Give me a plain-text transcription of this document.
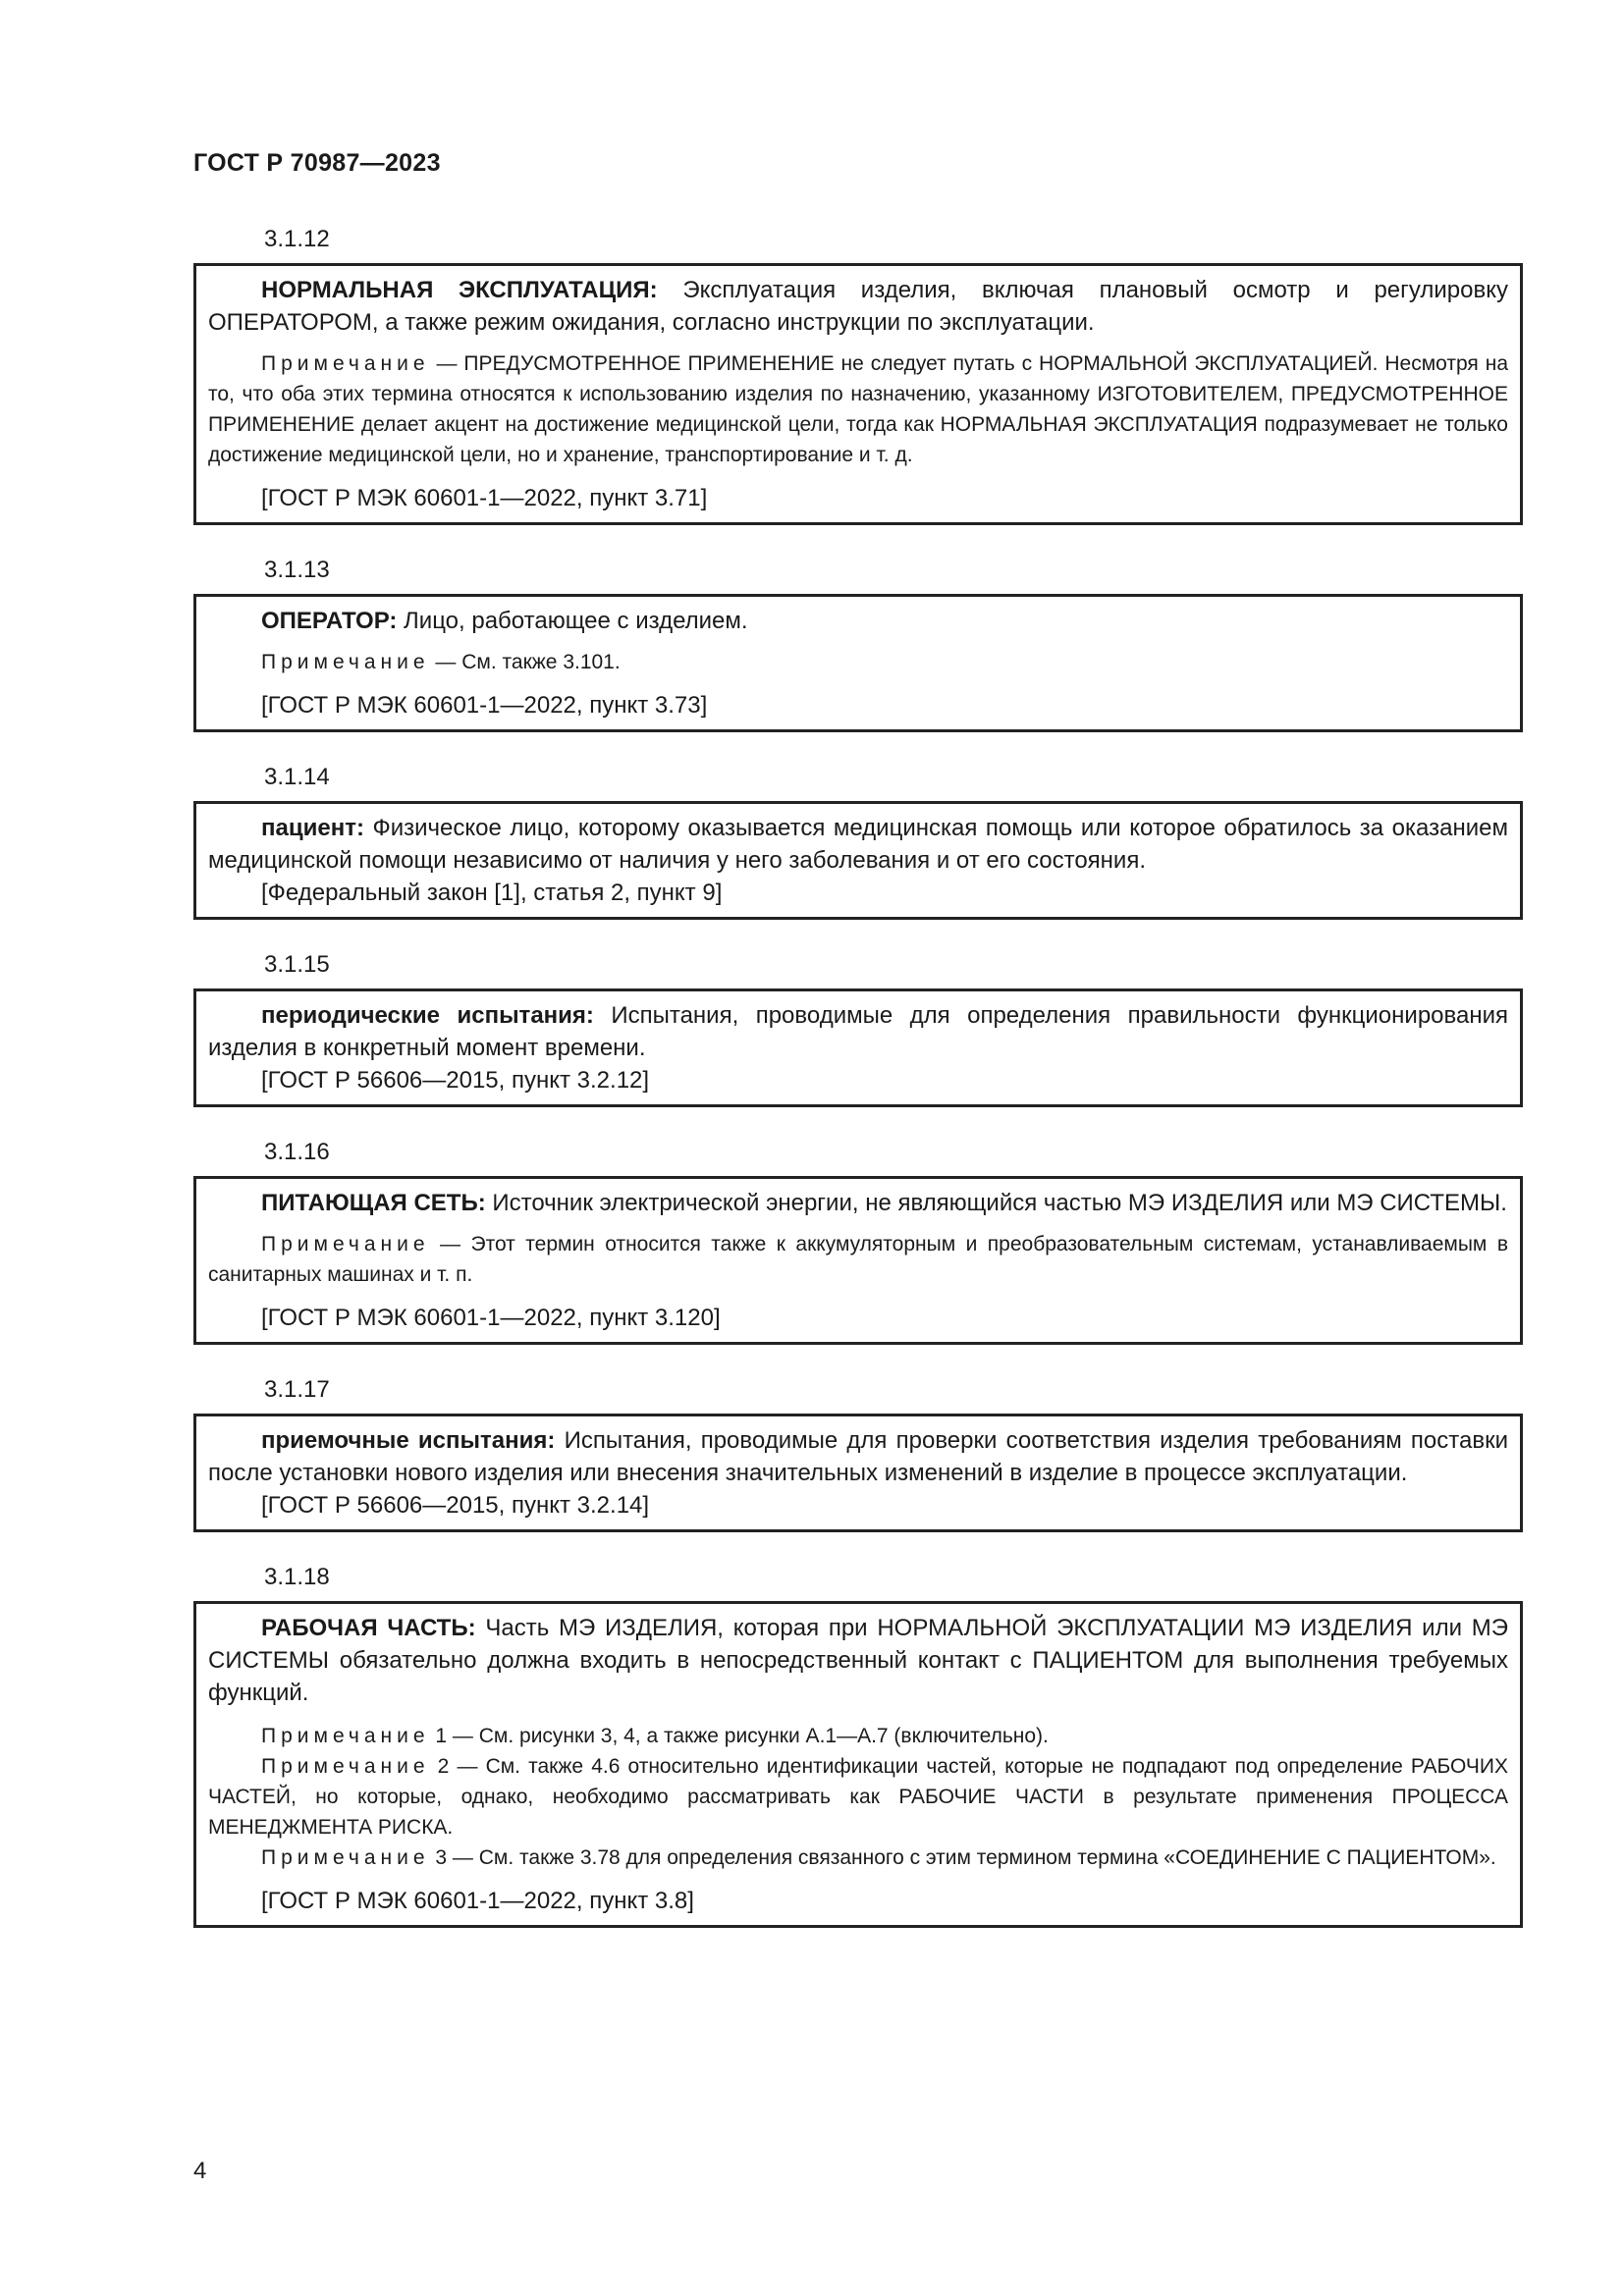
ГОСТ Р 70987—2023
3.1.12

НОРМАЛЬНАЯ ЭКСПЛУАТАЦИЯ: Эксплуатация изделия, включая плановый осмотр и регулировку ОПЕРАТОРОМ, а также режим ожидания, согласно инструкции по эксплуатации.

Примечание — ПРЕДУСМОТРЕННОЕ ПРИМЕНЕНИЕ не следует путать с НОРМАЛЬНОЙ ЭКСПЛУАТАЦИЕЙ. Несмотря на то, что оба этих термина относятся к использованию изделия по назначению, указанному ИЗГОТОВИТЕЛЕМ, ПРЕДУСМОТРЕННОЕ ПРИМЕНЕНИЕ делает акцент на достижение медицинской цели, тогда как НОРМАЛЬНАЯ ЭКСПЛУАТАЦИЯ подразумевает не только достижение медицинской цели, но и хранение, транспортирование и т. д.

[ГОСТ Р МЭК 60601-1—2022, пункт 3.71]

3.1.13

ОПЕРАТОР: Лицо, работающее с изделием.

Примечание — См. также 3.101.

[ГОСТ Р МЭК 60601-1—2022, пункт 3.73]

3.1.14

пациент: Физическое лицо, которому оказывается медицинская помощь или которое обратилось за оказанием медицинской помощи независимо от наличия у него заболевания и от его состояния.

[Федеральный закон [1], статья 2, пункт 9]

3.1.15

периодические испытания: Испытания, проводимые для определения правильности функционирования изделия в конкретный момент времени.

[ГОСТ Р 56606—2015, пункт 3.2.12]

3.1.16

ПИТАЮЩАЯ СЕТЬ: Источник электрической энергии, не являющийся частью МЭ ИЗДЕЛИЯ или МЭ СИСТЕМЫ.

Примечание — Этот термин относится также к аккумуляторным и преобразовательным системам, устанавливаемым в санитарных машинах и т. п.

[ГОСТ Р МЭК 60601-1—2022, пункт 3.120]

3.1.17

приемочные испытания: Испытания, проводимые для проверки соответствия изделия требованиям поставки после установки нового изделия или внесения значительных изменений в изделие в процессе эксплуатации.

[ГОСТ Р 56606—2015, пункт 3.2.14]

3.1.18

РАБОЧАЯ ЧАСТЬ: Часть МЭ ИЗДЕЛИЯ, которая при НОРМАЛЬНОЙ ЭКСПЛУАТАЦИИ МЭ ИЗДЕЛИЯ или МЭ СИСТЕМЫ обязательно должна входить в непосредственный контакт с ПАЦИЕНТОМ для выполнения требуемых функций.

Примечание 1 — См. рисунки 3, 4, а также рисунки А.1—А.7 (включительно).

Примечание 2 — См. также 4.6 относительно идентификации частей, которые не подпадают под определение РАБОЧИХ ЧАСТЕЙ, но которые, однако, необходимо рассматривать как РАБОЧИЕ ЧАСТИ в результате применения ПРОЦЕССА МЕНЕДЖМЕНТА РИСКА.

Примечание 3 — См. также 3.78 для определения связанного с этим термином термина «СОЕДИНЕНИЕ С ПАЦИЕНТОМ».

[ГОСТ Р МЭК 60601-1—2022, пункт 3.8]

4
